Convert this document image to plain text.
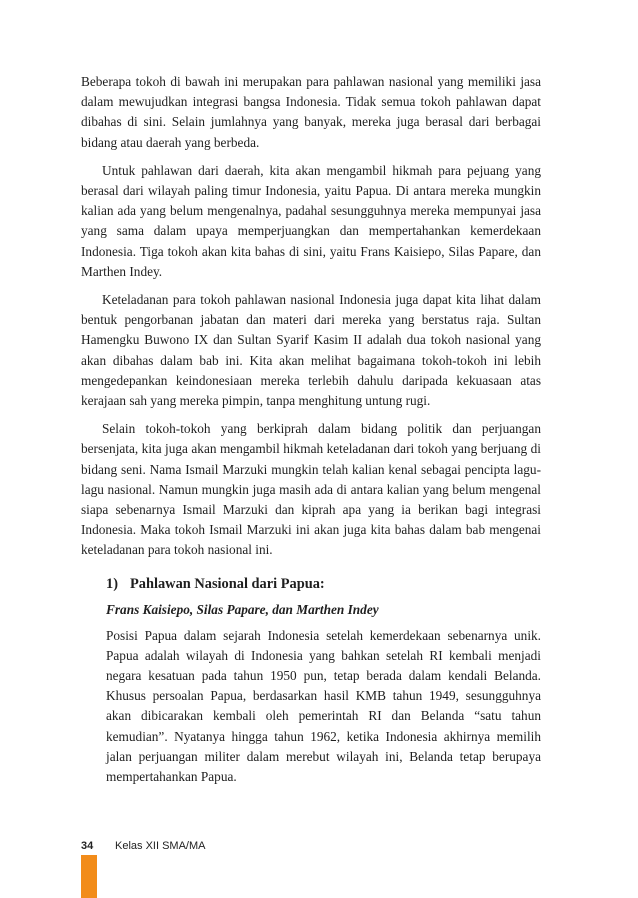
Beberapa tokoh di bawah ini merupakan para pahlawan nasional yang memiliki jasa dalam mewujudkan integrasi bangsa Indonesia. Tidak semua tokoh pahlawan dapat dibahas di sini. Selain jumlahnya yang banyak, mereka juga berasal dari berbagai bidang atau daerah yang berbeda.

Untuk pahlawan dari daerah, kita akan mengambil hikmah para pejuang yang berasal dari wilayah paling timur Indonesia, yaitu Papua. Di antara mereka mungkin kalian ada yang belum mengenalnya, padahal sesungguhnya mereka mempunyai jasa yang sama dalam upaya memperjuangkan dan mempertahankan kemerdekaan Indonesia. Tiga tokoh akan kita bahas di sini, yaitu Frans Kaisiepo, Silas Papare, dan Marthen Indey.

Keteladanan para tokoh pahlawan nasional Indonesia juga dapat kita lihat dalam bentuk pengorbanan jabatan dan materi dari mereka yang berstatus raja. Sultan Hamengku Buwono IX dan Sultan Syarif Kasim II adalah dua tokoh nasional yang akan dibahas dalam bab ini. Kita akan melihat bagaimana tokoh-tokoh ini lebih mengedepankan keindonesiaan mereka terlebih dahulu daripada kekuasaan atas kerajaan sah yang mereka pimpin, tanpa menghitung untung rugi.

Selain tokoh-tokoh yang berkiprah dalam bidang politik dan perjuangan bersenjata, kita juga akan mengambil hikmah keteladanan dari tokoh yang berjuang di bidang seni. Nama Ismail Marzuki mungkin telah kalian kenal sebagai pencipta lagu-lagu nasional. Namun mungkin juga masih ada di antara kalian yang belum mengenal siapa sebenarnya Ismail Marzuki dan kiprah apa yang ia berikan bagi integrasi Indonesia. Maka tokoh Ismail Marzuki ini akan juga kita bahas dalam bab mengenai keteladanan para tokoh nasional ini.

1) Pahlawan Nasional dari Papua:
Frans Kaisiepo, Silas Papare, dan Marthen Indey

Posisi Papua dalam sejarah Indonesia setelah kemerdekaan sebenarnya unik. Papua adalah wilayah di Indonesia yang bahkan setelah RI kembali menjadi negara kesatuan pada tahun 1950 pun, tetap berada dalam kendali Belanda. Khusus persoalan Papua, berdasarkan hasil KMB tahun 1949, sesungguhnya akan dibicarakan kembali oleh pemerintah RI dan Belanda “satu tahun kemudian”. Nyatanya hingga tahun 1962, ketika Indonesia akhirnya memilih jalan perjuangan militer dalam merebut wilayah ini, Belanda tetap berupaya mempertahankan Papua.

34 Kelas XII SMA/MA
